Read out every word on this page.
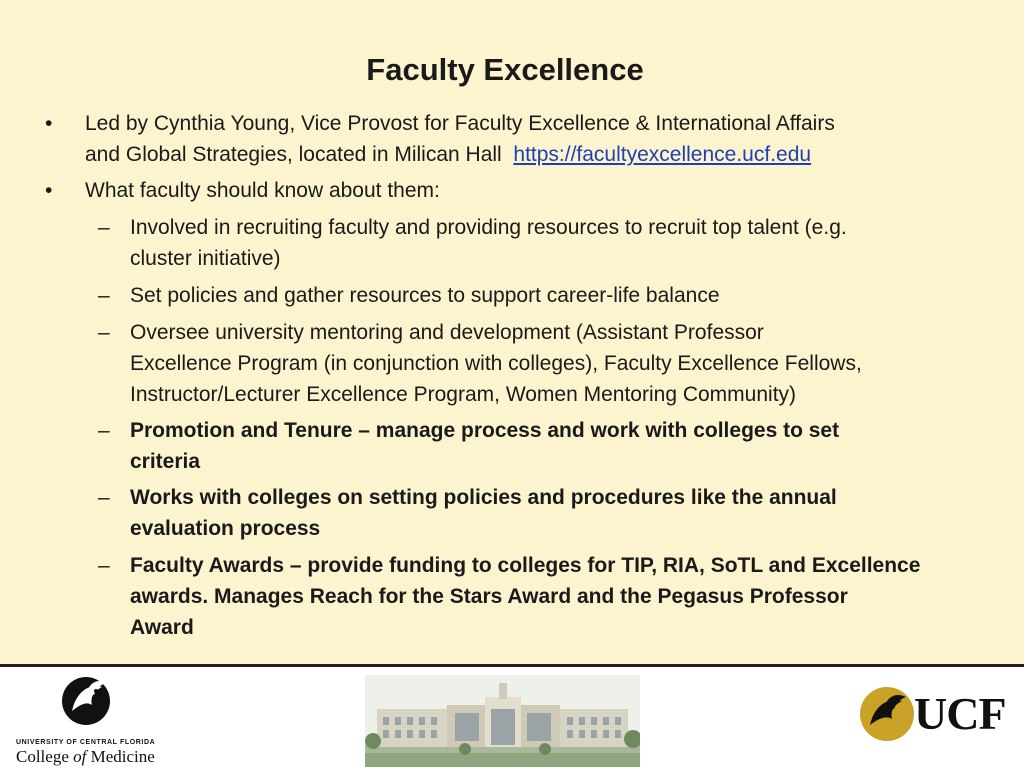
Faculty Excellence
• Led by Cynthia Young, Vice Provost for Faculty Excellence & International Affairs
and Global Strategies, located in Milican Hall https://facultyexcellence.ucf.edu
• What faculty should know about them:
– Involved in recruiting faculty and providing resources to recruit top talent (e.g.
cluster initiative)
– Set policies and gather resources to support career-life balance
– Oversee university mentoring and development (Assistant Professor
Excellence Program (in conjunction with colleges), Faculty Excellence Fellows,
Instructor/Lecturer Excellence Program, Women Mentoring Community)
– Promotion and Tenure – manage process and work with colleges to set
criteria
– Works with colleges on setting policies and procedures like the annual
evaluation process
– Faculty Awards – provide funding to colleges for TIP, RIA, SoTL and Excellence
awards. Manages Reach for the Stars Award and the Pegasus Professor
Award
UNIVERSITY OF CENTRAL FLORIDA
College of Medicine
UCF
